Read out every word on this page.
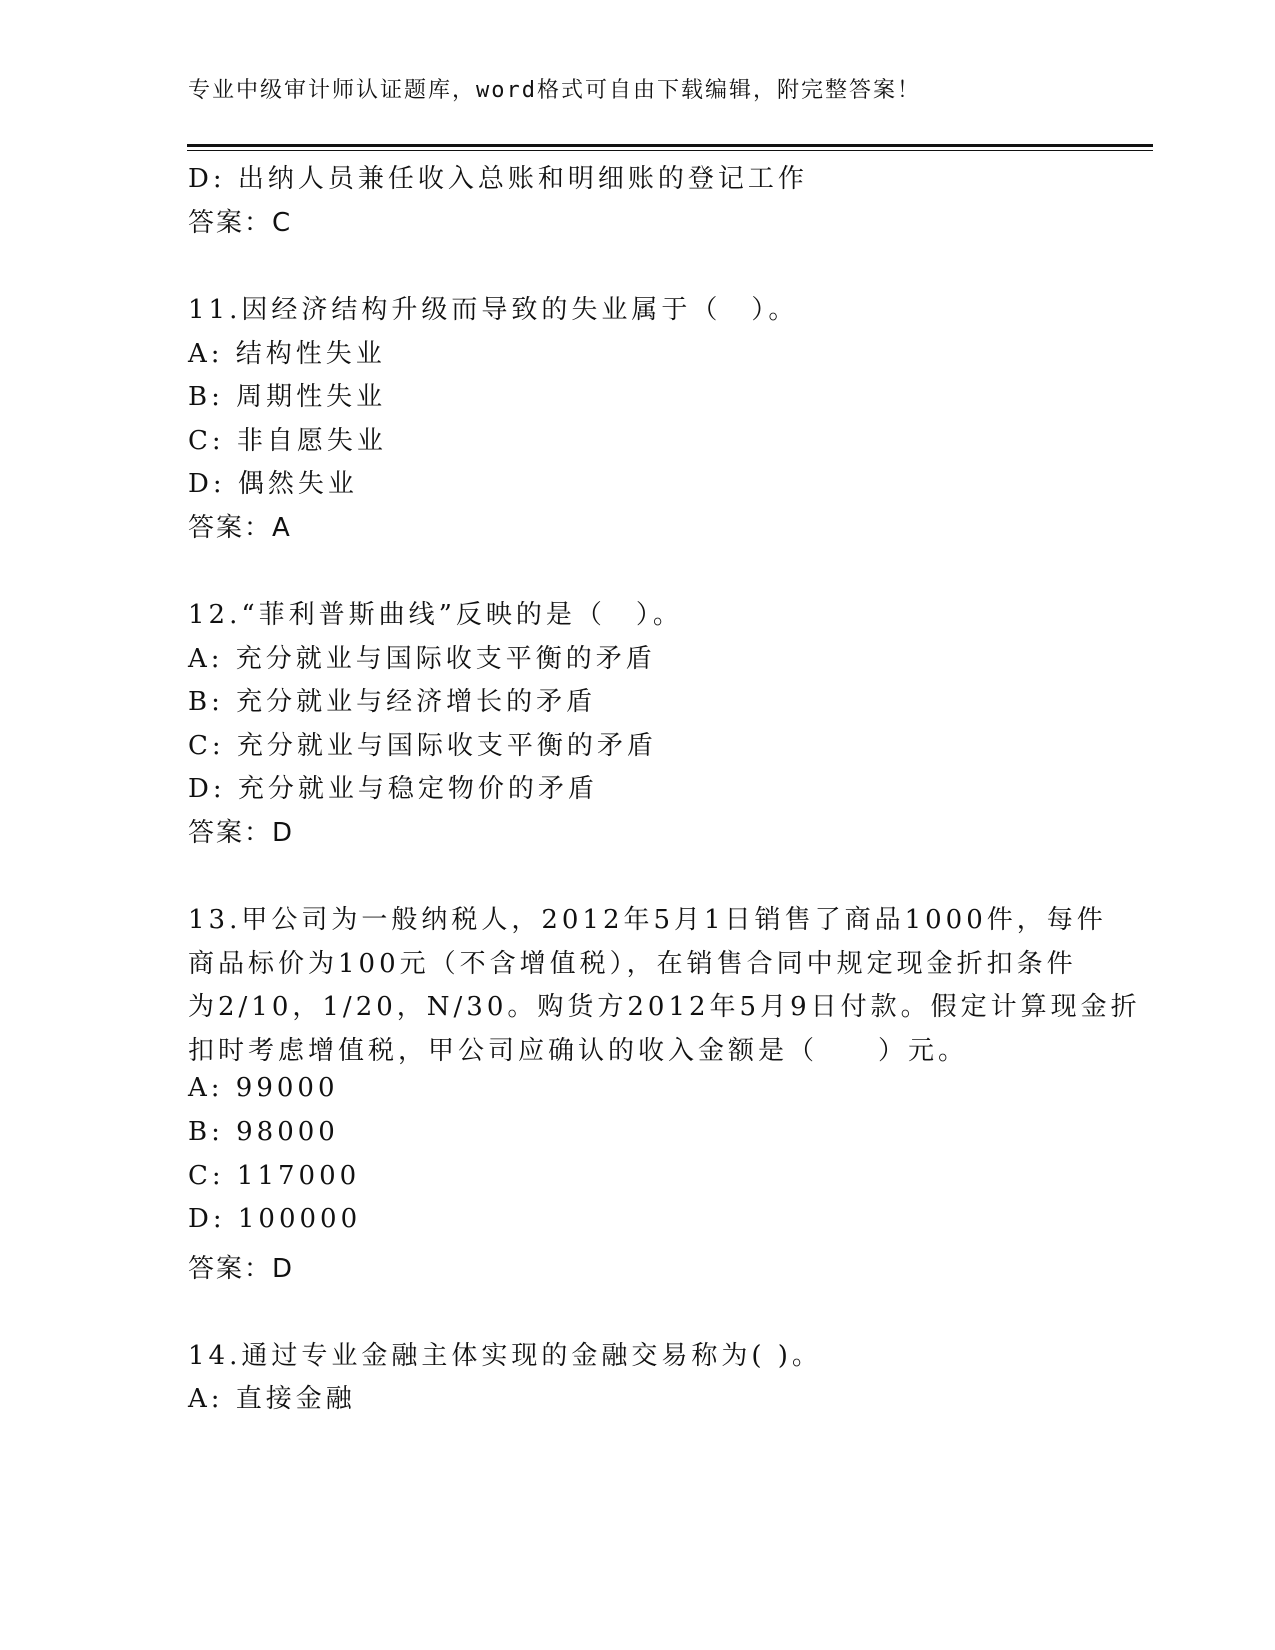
专业中级审计师认证题库，word格式可自由下载编辑，附完整答案！
D: 出纳人员兼任收入总账和明细账的登记工作
答案：C
11.因经济结构升级而导致的失业属于（　）。
A: 结构性失业
B: 周期性失业
C: 非自愿失业
D: 偶然失业
答案：A
12.“菲利普斯曲线”反映的是（　）。
A: 充分就业与国际收支平衡的矛盾
B: 充分就业与经济增长的矛盾
C: 充分就业与国际收支平衡的矛盾
D: 充分就业与稳定物价的矛盾
答案：D
13.甲公司为一般纳税人，2012年5月1日销售了商品1000件，每件
商品标价为100元（不含增值税），在销售合同中规定现金折扣条件
为2/10，1/20，N/30。购货方2012年5月9日付款。假定计算现金折
扣时考虑增值税，甲公司应确认的收入金额是（　　）元。
A: 99000
B: 98000
C: 117000
D: 100000
答案：D
14.通过专业金融主体实现的金融交易称为( )。
A: 直接金融
